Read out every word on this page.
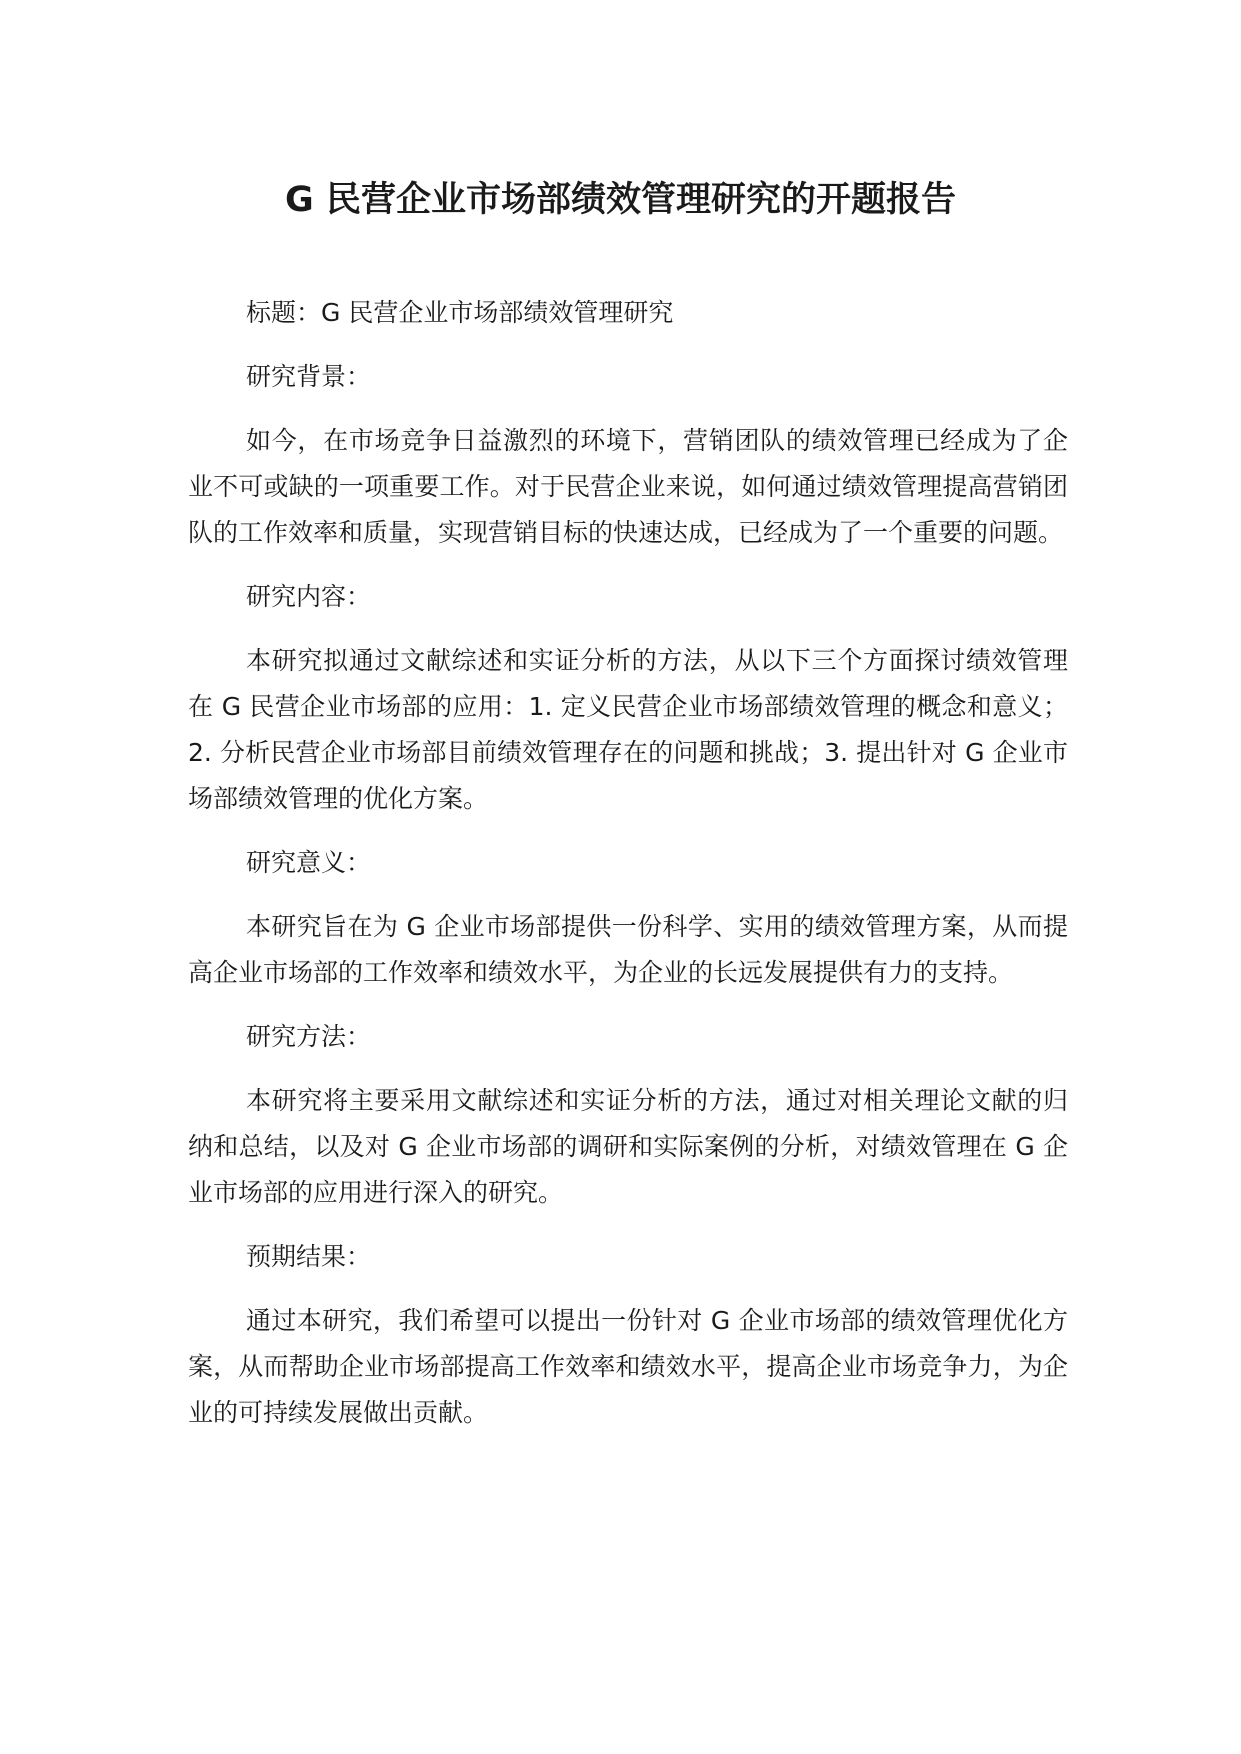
G 民营企业市场部绩效管理研究的开题报告

标题：G 民营企业市场部绩效管理研究

研究背景：

如今，在市场竞争日益激烈的环境下，营销团队的绩效管理已经成为了企业不可或缺的一项重要工作。对于民营企业来说，如何通过绩效管理提高营销团队的工作效率和质量，实现营销目标的快速达成，已经成为了一个重要的问题。

研究内容：

本研究拟通过文献综述和实证分析的方法，从以下三个方面探讨绩效管理在 G 民营企业市场部的应用：1. 定义民营企业市场部绩效管理的概念和意义；2. 分析民营企业市场部目前绩效管理存在的问题和挑战；3. 提出针对 G 企业市场部绩效管理的优化方案。

研究意义：

本研究旨在为 G 企业市场部提供一份科学、实用的绩效管理方案，从而提高企业市场部的工作效率和绩效水平，为企业的长远发展提供有力的支持。

研究方法：

本研究将主要采用文献综述和实证分析的方法，通过对相关理论文献的归纳和总结，以及对 G 企业市场部的调研和实际案例的分析，对绩效管理在 G 企业市场部的应用进行深入的研究。

预期结果：

通过本研究，我们希望可以提出一份针对 G 企业市场部的绩效管理优化方案，从而帮助企业市场部提高工作效率和绩效水平，提高企业市场竞争力，为企业的可持续发展做出贡献。
